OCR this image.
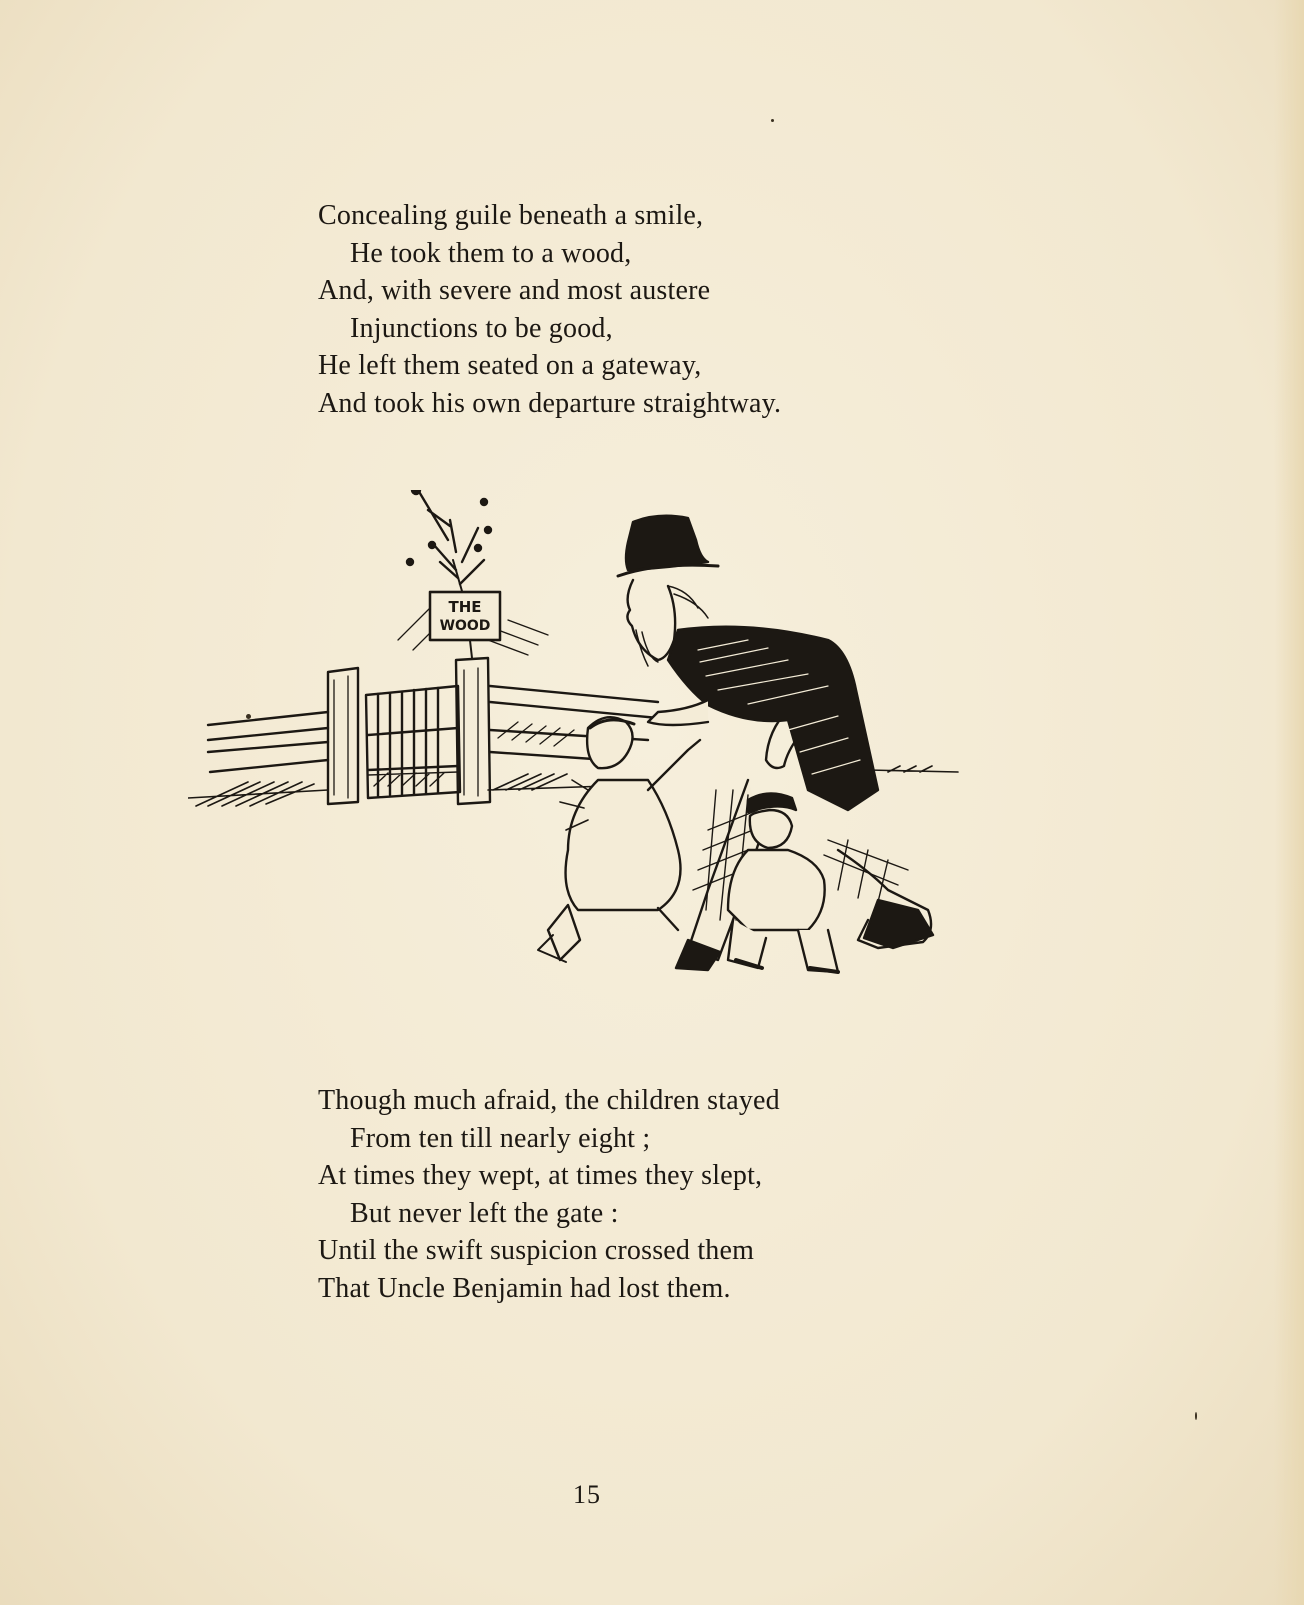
Concealing guile beneath a smile,
He took them to a wood,
And, with severe and most austere
Injunctions to be good,
He left them seated on a gateway,
And took his own departure straightway.
THE
WOOD
Though much afraid, the children stayed
From ten till nearly eight ;
At times they wept, at times they slept,
But never left the gate :
Until the swift suspicion crossed them
That Uncle Benjamin had lost them.
15
